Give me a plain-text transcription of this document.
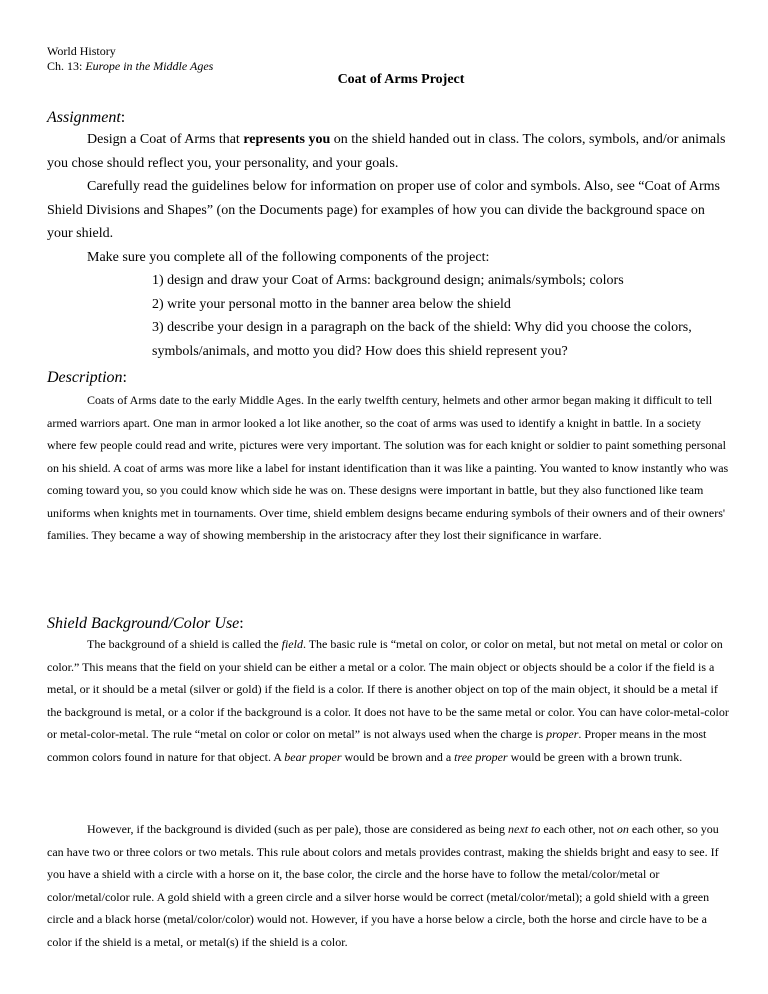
World History
Ch. 13: Europe in the Middle Ages
Coat of Arms Project
Assignment:

Design a Coat of Arms that represents you on the shield handed out in class. The colors, symbols, and/or animals you chose should reflect you, your personality, and your goals.

Carefully read the guidelines below for information on proper use of color and symbols. Also, see “Coat of Arms Shield Divisions and Shapes” (on the Documents page) for examples of how you can divide the background space on your shield.

Make sure you complete all of the following components of the project:

1) design and draw your Coat of Arms: background design; animals/symbols; colors

2) write your personal motto in the banner area below the shield

3) describe your design in a paragraph on the back of the shield: Why did you choose the colors,

symbols/animals, and motto you did? How does this shield represent you?

Description:

Coats of Arms date to the early Middle Ages. In the early twelfth century, helmets and other armor began making it difficult to tell armed warriors apart. One man in armor looked a lot like another, so the coat of arms was used to identify a knight in battle. In a society where few people could read and write, pictures were very important. The solution was for each knight or soldier to paint something personal on his shield. A coat of arms was more like a label for instant identification than it was like a painting. You wanted to know instantly who was coming toward you, so you could know which side he was on. These designs were important in battle, but they also functioned like team uniforms when knights met in tournaments. Over time, shield emblem designs became enduring symbols of their owners and of their owners' families. They became a way of showing membership in the aristocracy after they lost their significance in warfare.

Shield Background/Color Use:

The background of a shield is called the field. The basic rule is “metal on color, or color on metal, but not metal on metal or color on color.” This means that the field on your shield can be either a metal or a color. The main object or objects should be a color if the field is a metal, or it should be a metal (silver or gold) if the field is a color. If there is another object on top of the main object, it should be a metal if the background is metal, or a color if the background is a color. It does not have to be the same metal or color. You can have color-metal-color or metal-color-metal. The rule “metal on color or color on metal” is not always used when the charge is proper. Proper means in the most common colors found in nature for that object. A bear proper would be brown and a tree proper would be green with a brown trunk.

However, if the background is divided (such as per pale), those are considered as being next to each other, not on each other, so you can have two or three colors or two metals. This rule about colors and metals provides contrast, making the shields bright and easy to see. If you have a shield with a circle with a horse on it, the base color, the circle and the horse have to follow the metal/color/metal or color/metal/color rule. A gold shield with a green circle and a silver horse would be correct (metal/color/metal); a gold shield with a green circle and a black horse (metal/color/color) would not. However, if you have a horse below a circle, both the horse and circle have to be a color if the shield is a metal, or metal(s) if the shield is a color.
